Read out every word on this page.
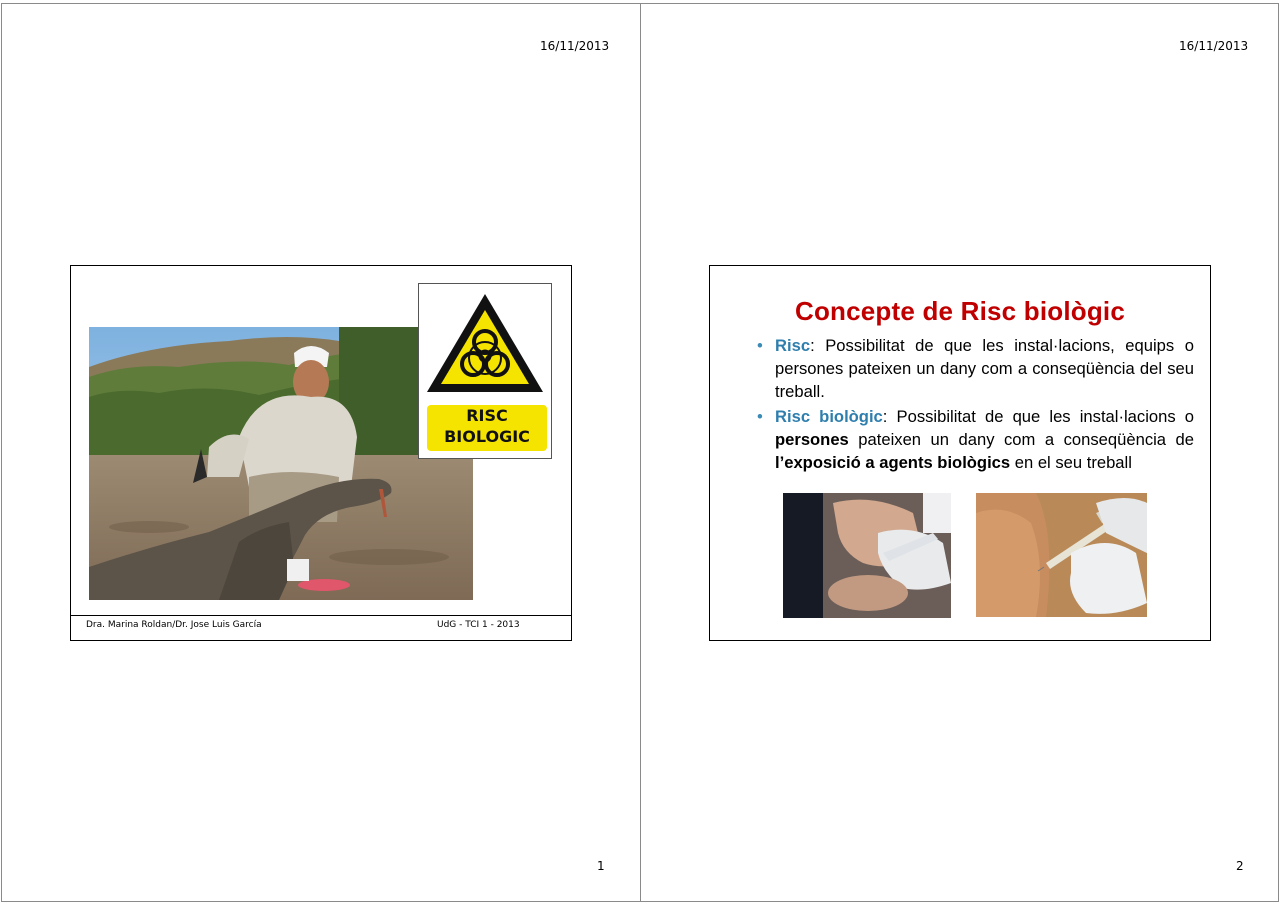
16/11/2013
RISC
BIOLOGIC
Dra. Marina Roldan/Dr. Jose Luis García	UdG - TCI 1 - 2013
1
16/11/2013
Concepte de Risc biològic
• Risc: Possibilitat de que les instal·lacions, equips o persones pateixen un dany com a conseqüència del seu treball.
• Risc biològic: Possibilitat de que les instal·lacions o persones pateixen un dany com a conseqüència de l’exposició a agents biològics en el seu treball
2
